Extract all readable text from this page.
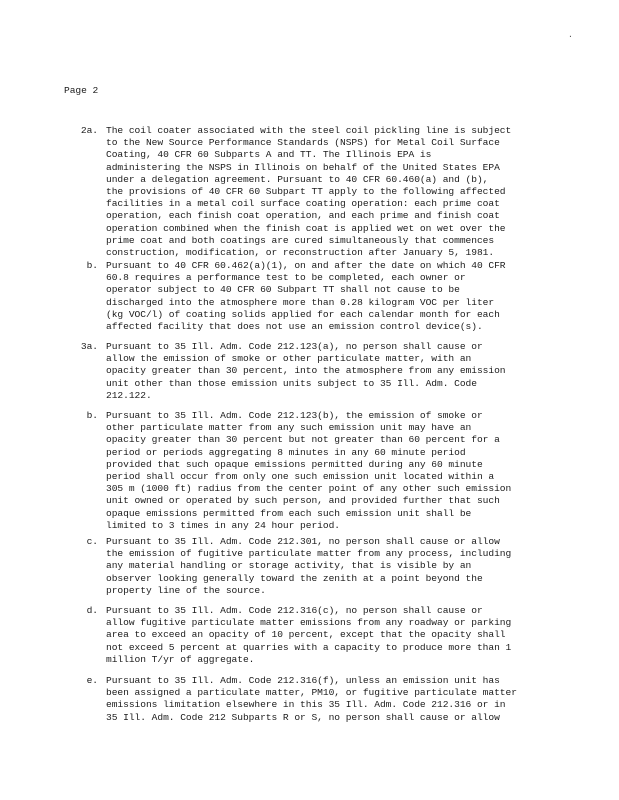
.
Page 2
2a. The coil coater associated with the steel coil pickling line is subject
to the New Source Performance Standards (NSPS) for Metal Coil Surface
Coating, 40 CFR 60 Subparts A and TT. The Illinois EPA is
administering the NSPS in Illinois on behalf of the United States EPA
under a delegation agreement. Pursuant to 40 CFR 60.460(a) and (b),
the provisions of 40 CFR 60 Subpart TT apply to the following affected
facilities in a metal coil surface coating operation: each prime coat
operation, each finish coat operation, and each prime and finish coat
operation combined when the finish coat is applied wet on wet over the
prime coat and both coatings are cured simultaneously that commences
construction, modification, or reconstruction after January 5, 1981.
b. Pursuant to 40 CFR 60.462(a)(1), on and after the date on which 40 CFR
60.8 requires a performance test to be completed, each owner or
operator subject to 40 CFR 60 Subpart TT shall not cause to be
discharged into the atmosphere more than 0.28 kilogram VOC per liter
(kg VOC/l) of coating solids applied for each calendar month for each
affected facility that does not use an emission control device(s).
3a. Pursuant to 35 Ill. Adm. Code 212.123(a), no person shall cause or
allow the emission of smoke or other particulate matter, with an
opacity greater than 30 percent, into the atmosphere from any emission
unit other than those emission units subject to 35 Ill. Adm. Code
212.122.
b. Pursuant to 35 Ill. Adm. Code 212.123(b), the emission of smoke or
other particulate matter from any such emission unit may have an
opacity greater than 30 percent but not greater than 60 percent for a
period or periods aggregating 8 minutes in any 60 minute period
provided that such opaque emissions permitted during any 60 minute
period shall occur from only one such emission unit located within a
305 m (1000 ft) radius from the center point of any other such emission
unit owned or operated by such person, and provided further that such
opaque emissions permitted from each such emission unit shall be
limited to 3 times in any 24 hour period.
c. Pursuant to 35 Ill. Adm. Code 212.301, no person shall cause or allow
the emission of fugitive particulate matter from any process, including
any material handling or storage activity, that is visible by an
observer looking generally toward the zenith at a point beyond the
property line of the source.
d. Pursuant to 35 Ill. Adm. Code 212.316(c), no person shall cause or
allow fugitive particulate matter emissions from any roadway or parking
area to exceed an opacity of 10 percent, except that the opacity shall
not exceed 5 percent at quarries with a capacity to produce more than 1
million T/yr of aggregate.
e. Pursuant to 35 Ill. Adm. Code 212.316(f), unless an emission unit has
been assigned a particulate matter, PM10, or fugitive particulate matter
emissions limitation elsewhere in this 35 Ill. Adm. Code 212.316 or in
35 Ill. Adm. Code 212 Subparts R or S, no person shall cause or allow
